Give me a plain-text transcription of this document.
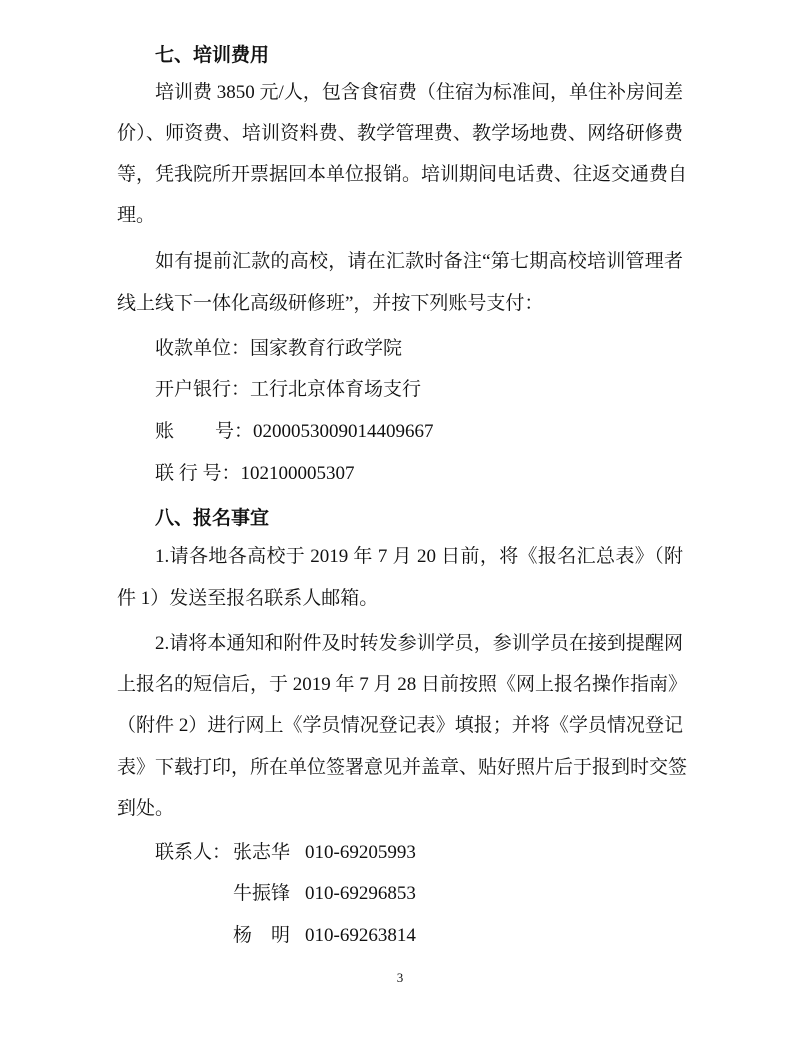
七、培训费用
培训费 3850 元/人，包含食宿费（住宿为标准间，单住补房间差
价）、师资费、培训资料费、教学管理费、教学场地费、网络研修费
等，凭我院所开票据回本单位报销。培训期间电话费、往返交通费自
理。
如有提前汇款的高校，请在汇款时备注“第七期高校培训管理者
线上线下一体化高级研修班”，并按下列账号支付：
收款单位：国家教育行政学院
开户银行：工行北京体育场支行
账 号：0200053009014409667
联 行 号：102100005307
八、报名事宜
1.请各地各高校于 2019 年 7 月 20 日前，将《报名汇总表》（附
件 1）发送至报名联系人邮箱。
2.请将本通知和附件及时转发参训学员，参训学员在接到提醒网
上报名的短信后，于 2019 年 7 月 28 日前按照《网上报名操作指南》
（附件 2）进行网上《学员情况登记表》填报；并将《学员情况登记
表》下载打印，所在单位签署意见并盖章、贴好照片后于报到时交签
到处。
联系人： 张志华 010-69205993
牛振锋 010-69296853
杨　明 010-69263814
3
